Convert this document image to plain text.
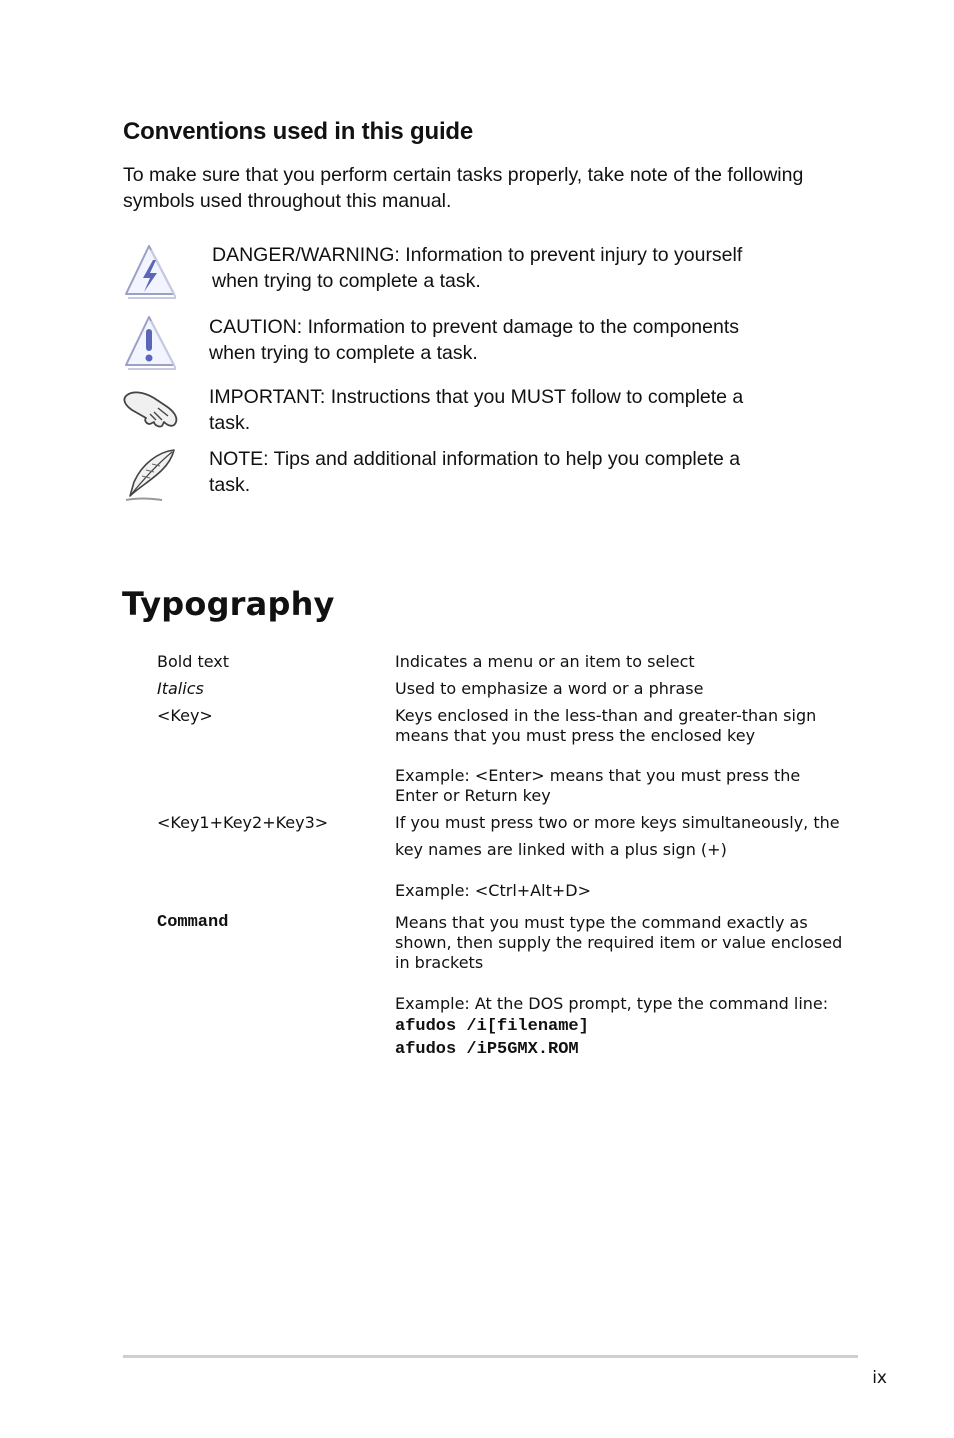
Conventions used in this guide
To make sure that you perform certain tasks properly, take note of the following symbols used throughout this manual.
DANGER/WARNING: Information to prevent injury to yourself when trying to complete a task.
CAUTION: Information to prevent damage to the components when trying to complete a task.
IMPORTANT: Instructions that you MUST follow to complete a task.
NOTE: Tips and additional information to help you complete a task.
Typography
Bold text	Indicates a menu or an item to select
Italics	Used to emphasize a word or a phrase
<Key>	Keys enclosed in the less-than and greater-than sign means that you must press the enclosed key
Example: <Enter> means that you must press the Enter or Return key
<Key1+Key2+Key3>	If you must press two or more keys simultaneously, the
key names are linked with a plus sign (+)
Example: <Ctrl+Alt+D>
Command	Means that you must type the command exactly as shown, then supply the required item or value enclosed in brackets
Example: At the DOS prompt, type the command line:
afudos /i[filename]
afudos /iP5GMX.ROM
ix
